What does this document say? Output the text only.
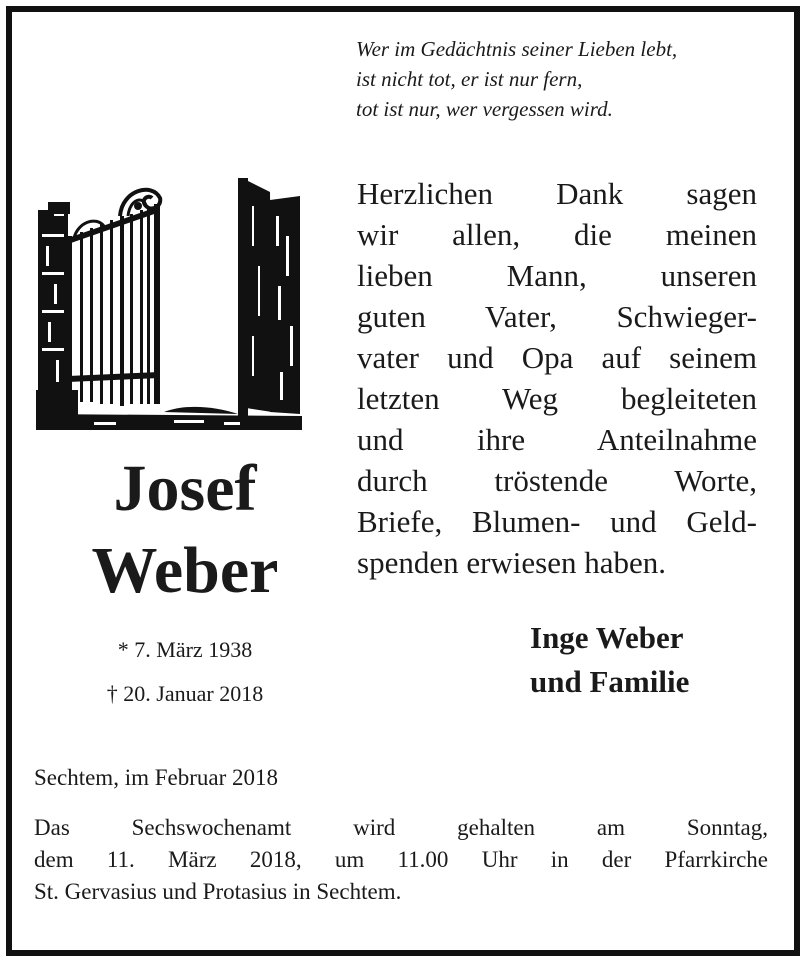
Wer im Gedächtnis seiner Lieben lebt,
ist nicht tot, er ist nur fern,
tot ist nur, wer vergessen wird.
Josef
Weber
* 7. März 1938
† 20. Januar 2018
Herzlichen Dank sagen
wir allen, die meinen
lieben Mann, unseren
guten Vater, Schwieger-
vater und Opa auf seinem
letzten Weg begleiteten
und ihre Anteilnahme
durch tröstende Worte,
Briefe, Blumen- und Geld-
spenden erwiesen haben.
Inge Weber
und Familie
Sechtem, im Februar 2018
Das Sechswochenamt wird gehalten am Sonntag,
dem 11. März 2018, um 11.00 Uhr in der Pfarrkirche
St. Gervasius und Protasius in Sechtem.
